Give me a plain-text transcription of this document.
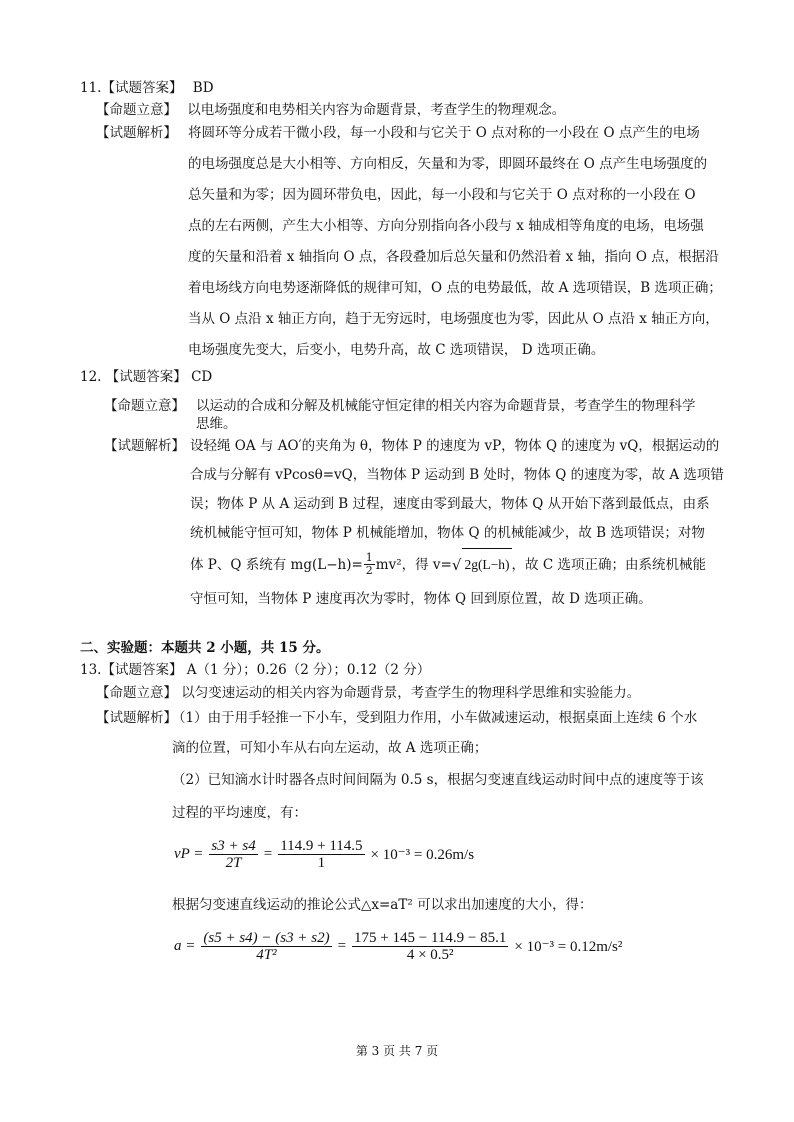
11.【试题答案】 BD
【命题立意】 以电场强度和电势相关内容为命题背景，考查学生的物理观念。
【试题解析】 将圆环等分成若干微小段，每一小段和与它关于 O 点对称的一小段在 O 点产生的电场
的电场强度总是大小相等、方向相反，矢量和为零，即圆环最终在 O 点产生电场强度的
总矢量和为零；因为圆环带负电，因此，每一小段和与它关于 O 点对称的一小段在 O
点的左右两侧，产生大小相等、方向分别指向各小段与 x 轴成相等角度的电场，电场强
度的矢量和沿着 x 轴指向 O 点，各段叠加后总矢量和仍然沿着 x 轴，指向 O 点，根据沿
着电场线方向电势逐渐降低的规律可知，O 点的电势最低，故 A 选项错误，B 选项正确；
当从 O 点沿 x 轴正方向，趋于无穷远时，电场强度也为零，因此从 O 点沿 x 轴正方向，
电场强度先变大，后变小，电势升高，故 C 选项错误， D 选项正确。
12. 【试题答案】 CD
【命题立意】 以运动的合成和分解及机械能守恒定律的相关内容为命题背景，考查学生的物理科学
思维。
【试题解析】 设轻绳 OA 与 AO′的夹角为 θ，物体 P 的速度为 vP，物体 Q 的速度为 vQ，根据运动的
合成与分解有 vPcosθ=vQ，当物体 P 运动到 B 处时，物体 Q 的速度为零，故 A 选项错
误；物体 P 从 A 运动到 B 过程，速度由零到最大，物体 Q 从开始下落到最低点，由系
统机械能守恒可知，物体 P 机械能增加，物体 Q 的机械能减少，故 B 选项错误；对物
体 P、Q 系统有 $mg(L-h)= \frac{1}{2} mv^2$，得 v= √ 2g(L−h) ，故 C 选项正确；由系统机械能
守恒可知，当物体 P 速度再次为零时，物体 Q 回到原位置，故 D 选项正确。
二、实验题：本题共 2 小题，共 15 分。
13.【试题答案】 A（1 分）；0.26（2 分）；0.12（2 分）
【命题立意】 以匀变速运动的相关内容为命题背景，考查学生的物理科学思维和实验能力。
【试题解析】
（1）由于用手轻推一下小车，受到阻力作用，小车做减速运动，根据桌面上连续 6 个水
滴的位置，可知小车从右向左运动，故 A 选项正确；
（2）已知滴水计时器各点时间间隔为 0.5 s，根据匀变速直线运动时间中点的速度等于该
过程的平均速度，有：
vP = $\frac{s3 + s4}{2T} = \frac{114.9 + 114.5}{1} \times 10^{-3} = 0.26m/s$
根据匀变速直线运动的推论公式△x=aT² 可以求出加速度的大小，得：
$a = \frac{(s5 + s4) - (s3 + s2)}{\text{4T²}} = \frac{175 + 145 - 114.9 - 85.1}{\text{4 × 0.5²}} \times 10^{-3} = 0.12m/s^2$
第 3 页 共 7 页
